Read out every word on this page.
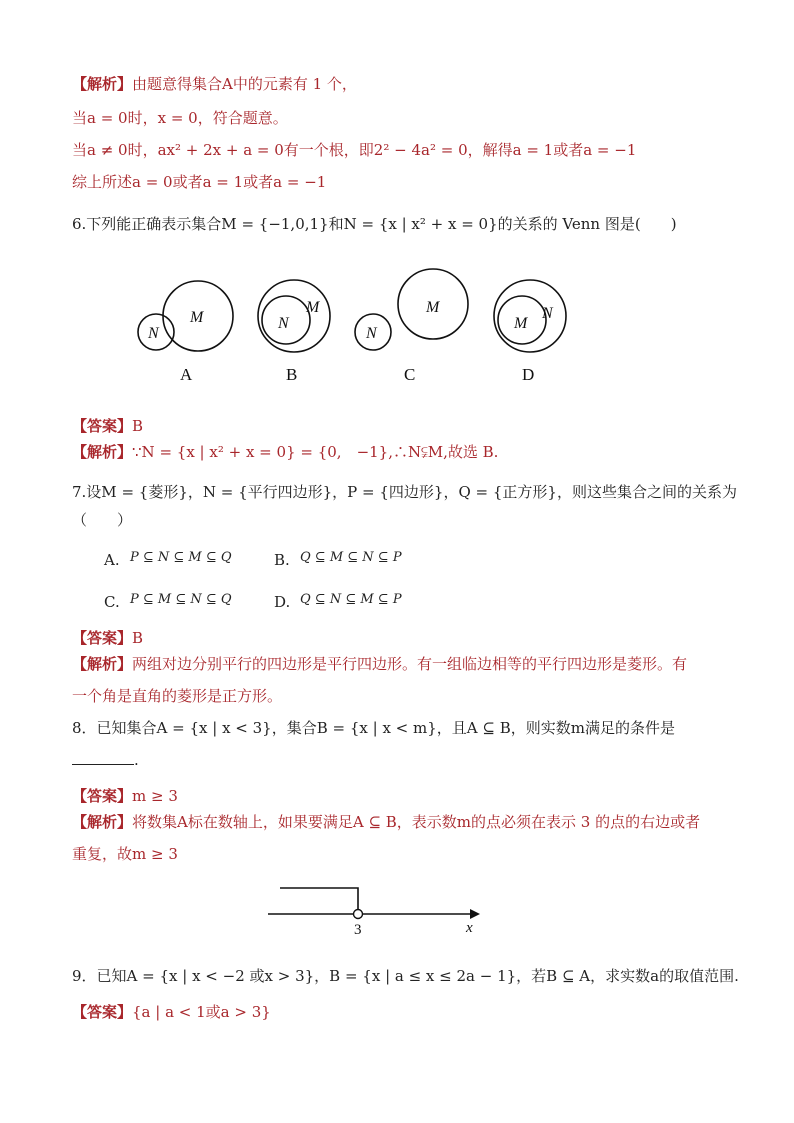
【解析】由题意得集合A中的元素有 1 个，
当a = 0时，x = 0，符合题意。
当a ≠ 0时，ax² + 2x + a = 0有一个根，即2² − 4a² = 0，解得a = 1或者a = −1
综上所述a = 0或者a = 1或者a = −1
6.下列能正确表示集合M = {−1,0,1}和N = {x | x² + x = 0}的关系的 Venn 图是(　　)
M
N
M
N
M
N
N
M
A	B	C	D
【答案】B
【解析】∵N = {x | x² + x = 0} = {0,　−1},∴N⫋M,故选 B.
7.设M = {菱形}，N = {平行四边形}，P = {四边形}，Q = {正方形}，则这些集合之间的关系为
（　　）
A. P ⊆ N ⊆ M ⊆ Q	B. Q ⊆ M ⊆ N ⊆ P
C. P ⊆ M ⊆ N ⊆ Q	D. Q ⊆ N ⊆ M ⊆ P
【答案】B
【解析】两组对边分别平行的四边形是平行四边形。有一组临边相等的平行四边形是菱形。有
一个角是直角的菱形是正方形。
8．已知集合A = {x | x < 3}，集合B = {x | x < m}，且A ⊆ B，则实数m满足的条件是
.
【答案】m ≥ 3
【解析】将数集A标在数轴上，如果要满足A ⊆ B，表示数m的点必须在表示 3 的点的右边或者
重复，故m ≥ 3
3	x
9．已知A = {x | x < −2 或x > 3}，B = {x | a ≤ x ≤ 2a − 1}，若B ⊆ A，求实数a的取值范围.
【答案】{a | a < 1或a > 3}
